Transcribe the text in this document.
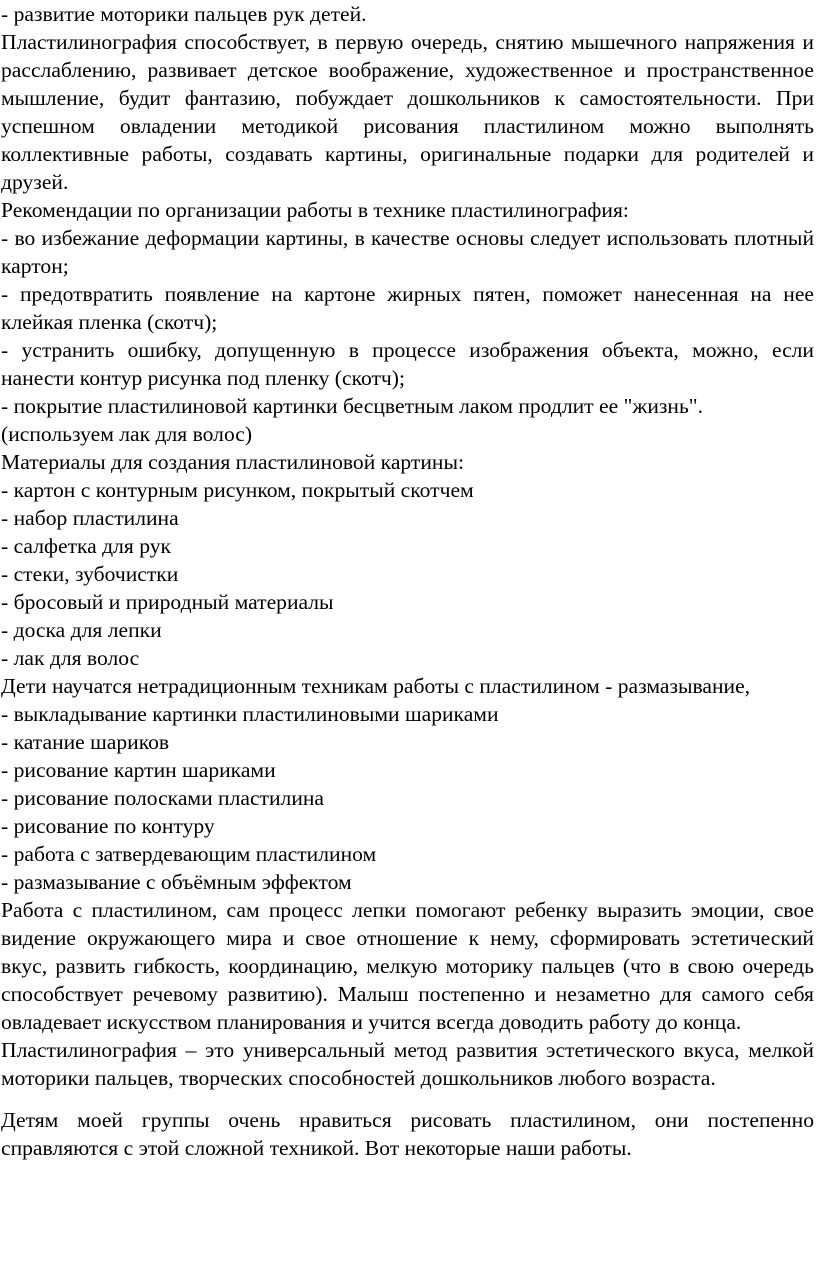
- развитие моторики пальцев рук детей.

Пластилинография способствует, в первую очередь, снятию мышечного напряжения и расслаблению, развивает детское воображение, художественное и пространственное мышление, будит фантазию, побуждает дошкольников к самостоятельности. При успешном овладении методикой рисования пластилином можно выполнять коллективные работы, создавать картины, оригинальные подарки для родителей и друзей.

Рекомендации по организации работы в технике пластилинография:

- во избежание деформации картины, в качестве основы следует использовать плотный картон;

- предотвратить появление на картоне жирных пятен, поможет нанесенная на нее клейкая пленка (скотч);

- устранить ошибку, допущенную в процессе изображения объекта, можно, если нанести контур рисунка под пленку (скотч);

- покрытие пластилиновой картинки бесцветным лаком продлит ее "жизнь". (используем лак для волос)

Материалы для создания пластилиновой картины:

- картон с контурным рисунком, покрытый скотчем

- набор пластилина

- салфетка для рук

- стеки, зубочистки

- бросовый и природный материалы

- доска для лепки

- лак для волос

Дети научатся нетрадиционным техникам работы с пластилином - размазывание,

- выкладывание картинки пластилиновыми шариками

- катание шариков

- рисование картин шариками

- рисование полосками пластилина

- рисование по контуру

- работа с затвердевающим пластилином

- размазывание с объёмным эффектом

Работа с пластилином, сам процесс лепки помогают ребенку выразить эмоции, свое видение окружающего мира и свое отношение к нему, сформировать эстетический вкус, развить гибкость, координацию, мелкую моторику пальцев (что в свою очередь способствует речевому развитию). Малыш постепенно и незаметно для самого себя овладевает искусством планирования и учится всегда доводить работу до конца.

Пластилинография – это универсальный метод развития эстетического вкуса, мелкой моторики пальцев, творческих способностей дошкольников любого возраста.

Детям моей группы очень нравиться рисовать пластилином, они постепенно справляются с этой сложной техникой. Вот некоторые наши работы.
